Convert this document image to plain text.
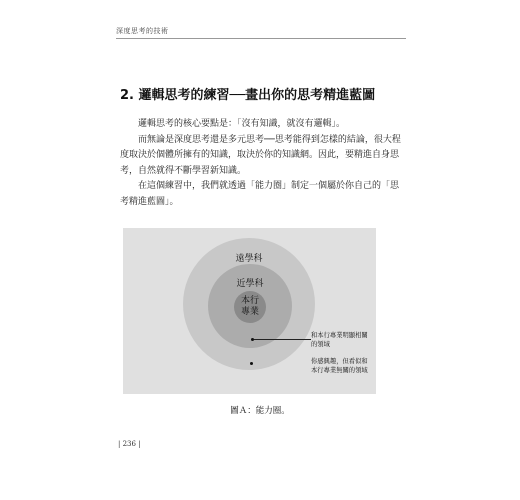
深度思考的技術
2. 邏輯思考的練習──畫出你的思考精進藍圖

邏輯思考的核心要點是：「沒有知識，就沒有邏輯」。

而無論是深度思考還是多元思考──思考能得到怎樣的結論，很大程度取決於個體所擁有的知識，取決於你的知識網。因此，要精進自身思考，自然就得不斷學習新知識。

在這個練習中，我們就透過「能力圈」制定一個屬於你自己的「思考精進藍圖」。

遠學科
近學科
本行
專業
和本行專業明顯相關的領域
你感興趣，但看似和本行專業無關的領域
圖Ａ：能力圈。
| 236 |
